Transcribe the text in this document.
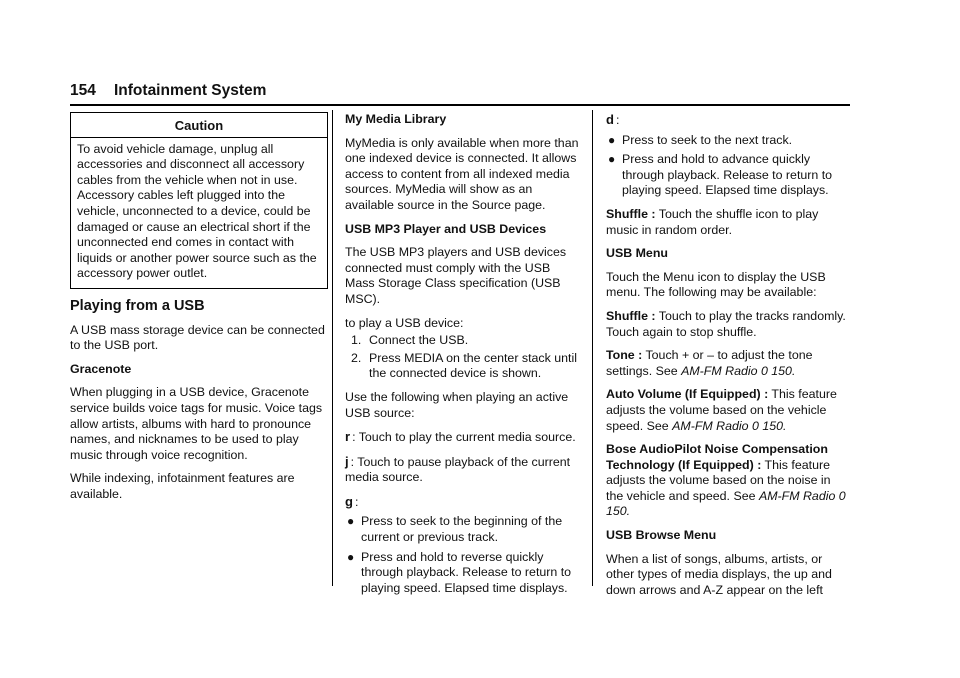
154 Infotainment System
Caution

To avoid vehicle damage, unplug all accessories and disconnect all accessory cables from the vehicle when not in use. Accessory cables left plugged into the vehicle, unconnected to a device, could be damaged or cause an electrical short if the unconnected end comes in contact with liquids or another power source such as the accessory power outlet.

Playing from a USB

A USB mass storage device can be connected to the USB port.

Gracenote

When plugging in a USB device, Gracenote service builds voice tags for music. Voice tags allow artists, albums with hard to pronounce names, and nicknames to be used to play music through voice recognition.

While indexing, infotainment features are available.

My Media Library

MyMedia is only available when more than one indexed device is connected. It allows access to content from all indexed media sources. MyMedia will show as an available source in the Source page.

USB MP3 Player and USB Devices

The USB MP3 players and USB devices connected must comply with the USB Mass Storage Class specification (USB MSC).

to play a USB device:

1. Connect the USB.
2. Press MEDIA on the center stack until the connected device is shown.

Use the following when playing an active USB source:

r : Touch to play the current media source.

j : Touch to pause playback of the current media source.

g :

● Press to seek to the beginning of the current or previous track.
● Press and hold to reverse quickly through playback. Release to return to playing speed. Elapsed time displays.

d :

● Press to seek to the next track.
● Press and hold to advance quickly through playback. Release to return to playing speed. Elapsed time displays.

Shuffle : Touch the shuffle icon to play music in random order.

USB Menu

Touch the Menu icon to display the USB menu. The following may be available:

Shuffle : Touch to play the tracks randomly. Touch again to stop shuffle.

Tone : Touch + or – to adjust the tone settings. See AM-FM Radio 0 150.

Auto Volume (If Equipped) : This feature adjusts the volume based on the vehicle speed. See AM-FM Radio 0 150.

Bose AudioPilot Noise Compensation Technology (If Equipped) : This feature adjusts the volume based on the noise in the vehicle and speed. See AM-FM Radio 0 150.

USB Browse Menu

When a list of songs, albums, artists, or other types of media displays, the up and down arrows and A-Z appear on the left
